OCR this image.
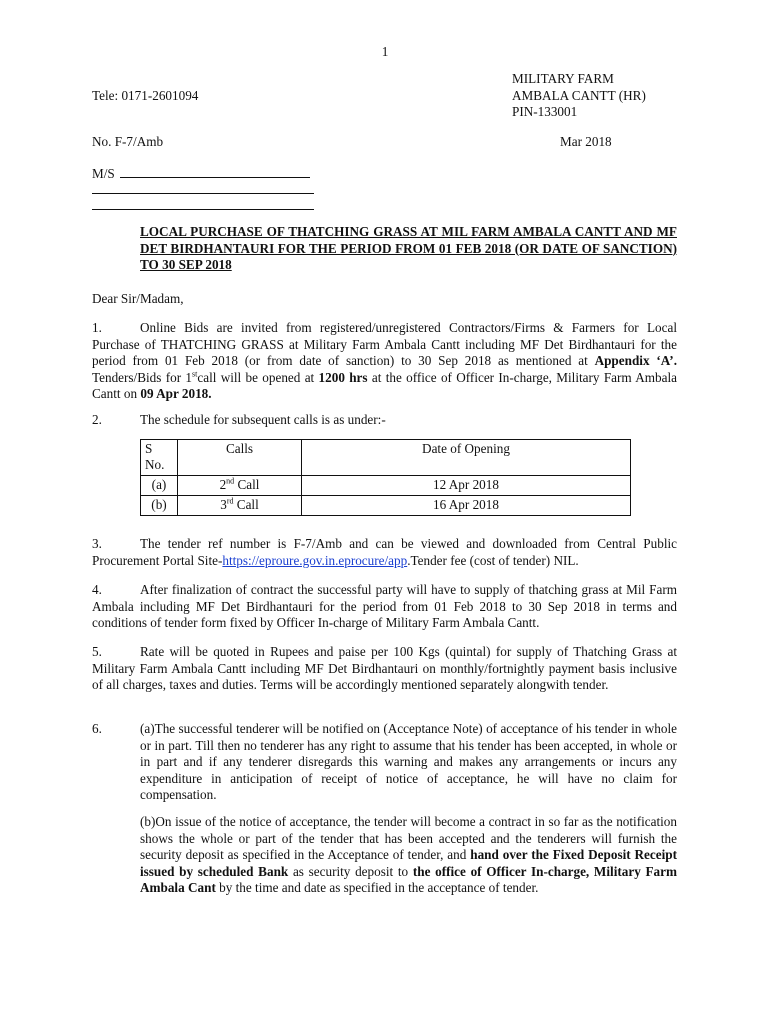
1
Tele: 0171-2601094
MILITARY FARM
AMBALA CANTT (HR)
PIN-133001
No. F-7/Amb	Mar 2018
M/S
LOCAL PURCHASE OF THATCHING GRASS AT MIL FARM AMBALA CANTT AND MF DET BIRDHANTAURI FOR THE PERIOD FROM 01 FEB 2018 (OR DATE OF SANCTION) TO 30 SEP 2018
Dear Sir/Madam,
1.	Online Bids are invited from registered/unregistered Contractors/Firms & Farmers for Local Purchase of THATCHING GRASS at Military Farm Ambala Cantt including MF Det Birdhantauri for the period from 01 Feb 2018 (or from date of sanction) to 30 Sep 2018 as mentioned at Appendix ‘A’. Tenders/Bids for 1stcall will be opened at 1200 hrs at the office of Officer In-charge, Military Farm Ambala Cantt on 09 Apr 2018.
2.	The schedule for subsequent calls is as under:-
S No.	Calls	Date of Opening
(a)	2nd Call	12 Apr 2018
(b)	3rd Call	16 Apr 2018
3.	The tender ref number is F-7/Amb and can be viewed and downloaded from Central Public Procurement Portal Site-https://eproure.gov.in.eprocure/app.Tender fee (cost of tender) NIL.
4.	After finalization of contract the successful party will have to supply of thatching grass at Mil Farm Ambala including MF Det Birdhantauri for the period from 01 Feb 2018 to 30 Sep 2018 in terms and conditions of tender form fixed by Officer In-charge of Military Farm Ambala Cantt.
5.	Rate will be quoted in Rupees and paise per 100 Kgs (quintal) for supply of Thatching Grass at Military Farm Ambala Cantt including MF Det Birdhantauri on monthly/fortnightly payment basis inclusive of all charges, taxes and duties. Terms will be accordingly mentioned separately alongwith tender.
6.	(a)The successful tenderer will be notified on (Acceptance Note) of acceptance of his tender in whole or in part. Till then no tenderer has any right to assume that his tender has been accepted, in whole or in part and if any tenderer disregards this warning and makes any arrangements or incurs any expenditure in anticipation of receipt of notice of acceptance, he will have no claim for compensation.
(b)On issue of the notice of acceptance, the tender will become a contract in so far as the notification shows the whole or part of the tender that has been accepted and the tenderers will furnish the security deposit as specified in the Acceptance of tender, and hand over the Fixed Deposit Receipt issued by scheduled Bank as security deposit to the office of Officer In-charge, Military Farm Ambala Cant by the time and date as specified in the acceptance of tender.
